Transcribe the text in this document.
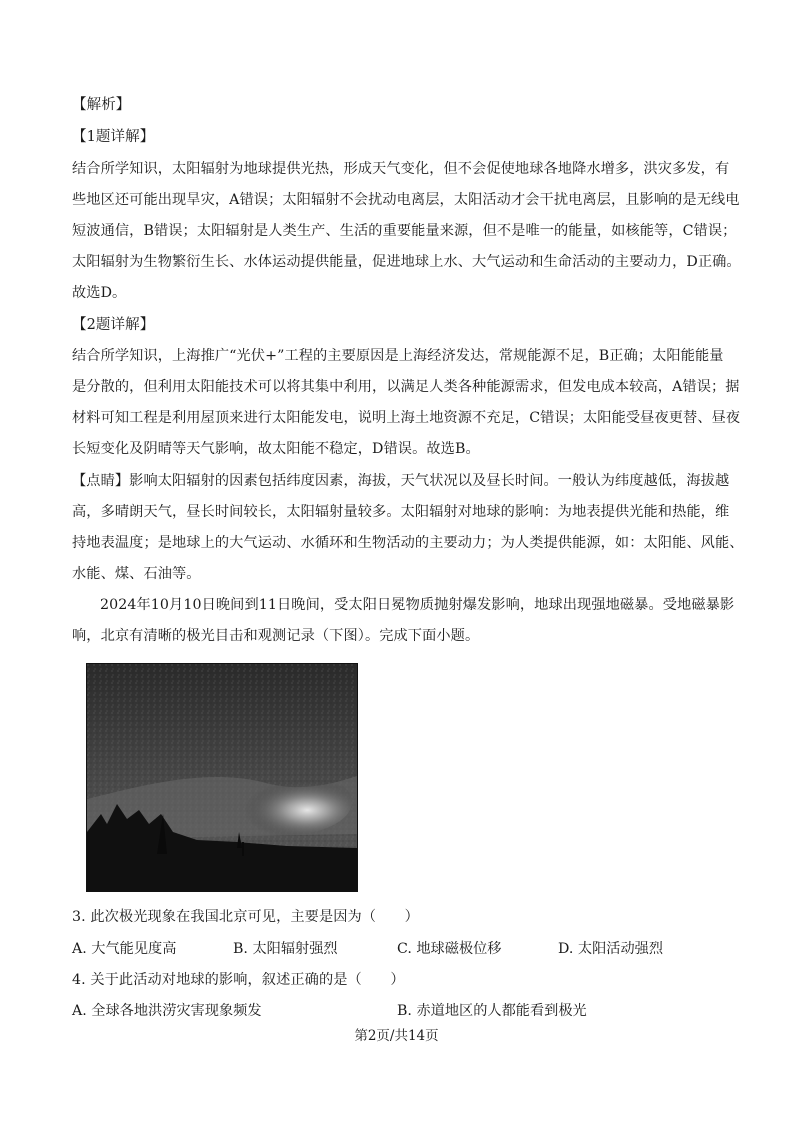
【解析】
【1题详解】
结合所学知识，太阳辐射为地球提供光热，形成天气变化，但不会促使地球各地降水增多，洪灾多发，有
些地区还可能出现旱灾，A错误；太阳辐射不会扰动电离层，太阳活动才会干扰电离层，且影响的是无线电
短波通信，B错误；太阳辐射是人类生产、生活的重要能量来源，但不是唯一的能量，如核能等，C错误；
太阳辐射为生物繁衍生长、水体运动提供能量，促进地球上水、大气运动和生命活动的主要动力，D正确。
故选D。
【2题详解】
结合所学知识，上海推广“光伏+”工程的主要原因是上海经济发达，常规能源不足，B正确；太阳能能量
是分散的，但利用太阳能技术可以将其集中利用，以满足人类各种能源需求，但发电成本较高，A错误；据
材料可知工程是利用屋顶来进行太阳能发电，说明上海土地资源不充足，C错误；太阳能受昼夜更替、昼夜
长短变化及阴晴等天气影响，故太阳能不稳定，D错误。故选B。
【点睛】影响太阳辐射的因素包括纬度因素，海拔，天气状况以及昼长时间。一般认为纬度越低，海拔越
高，多晴朗天气，昼长时间较长，太阳辐射量较多。太阳辐射对地球的影响：为地表提供光能和热能，维
持地表温度；是地球上的大气运动、水循环和生物活动的主要动力；为人类提供能源，如：太阳能、风能、
水能、煤、石油等。
2024年10月10日晚间到11日晚间，受太阳日冕物质抛射爆发影响，地球出现强地磁暴。受地磁暴影
响，北京有清晰的极光目击和观测记录（下图）。完成下面小题。
3. 此次极光现象在我国北京可见，主要是因为（　　）
A. 大气能见度高	B. 太阳辐射强烈	C. 地球磁极位移	D. 太阳活动强烈
4. 关于此活动对地球的影响，叙述正确的是（　　）
A. 全球各地洪涝灾害现象频发	B. 赤道地区的人都能看到极光
第2页/共14页
